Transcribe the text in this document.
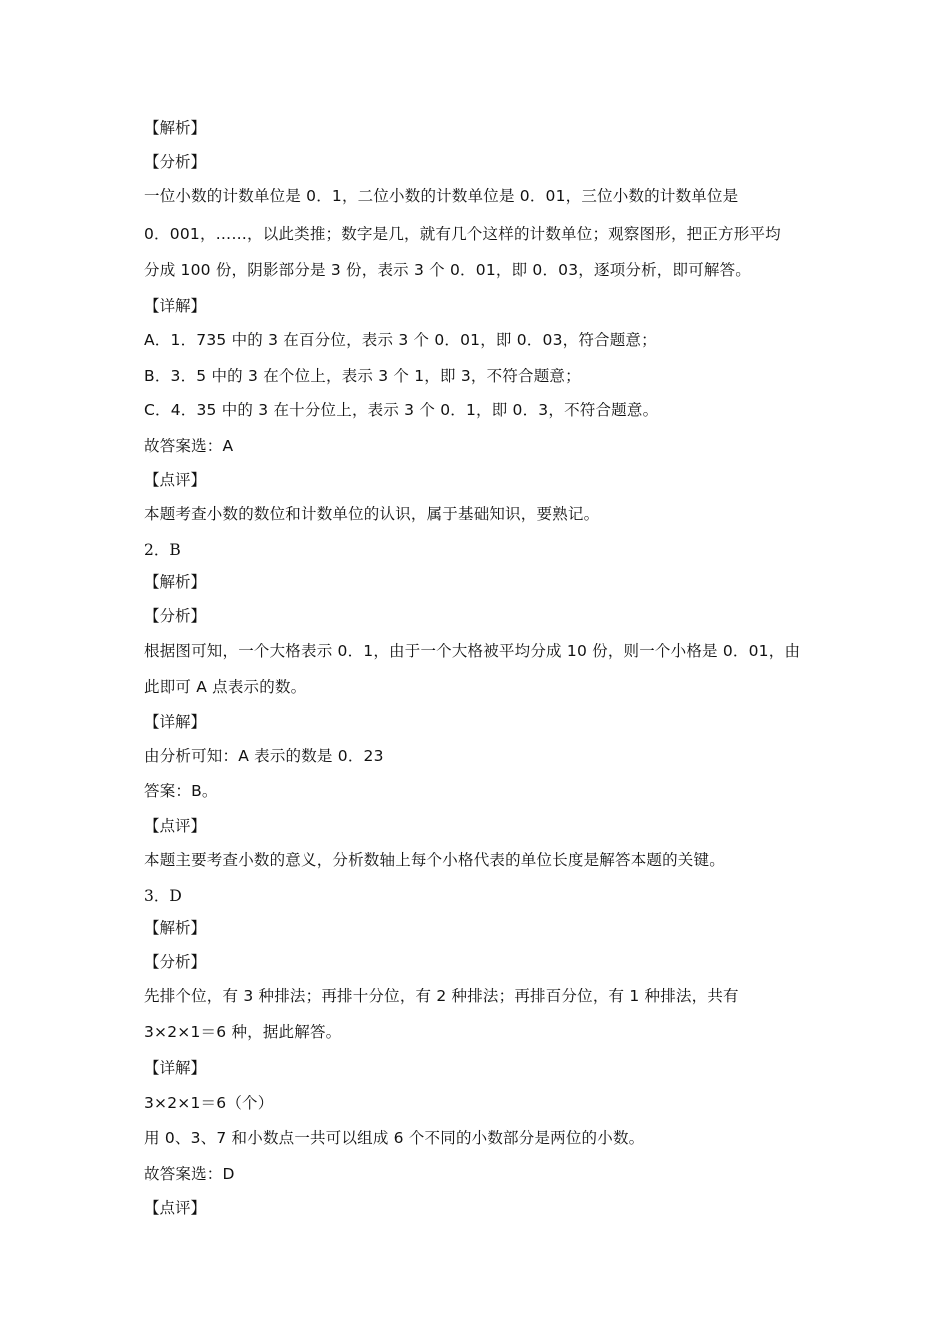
【解析】
【分析】
一位小数的计数单位是 0．1，二位小数的计数单位是 0．01，三位小数的计数单位是
0．001，……，以此类推；数字是几，就有几个这样的计数单位；观察图形，把正方形平均
分成 100 份，阴影部分是 3 份，表示 3 个 0．01，即 0．03，逐项分析，即可解答。
【详解】
A．1．735 中的 3 在百分位，表示 3 个 0．01，即 0．03，符合题意；
B．3．5 中的 3 在个位上，表示 3 个 1，即 3，不符合题意；
C．4．35 中的 3 在十分位上，表示 3 个 0．1，即 0．3，不符合题意。
故答案选：A
【点评】
本题考查小数的数位和计数单位的认识，属于基础知识，要熟记。
2．B
【解析】
【分析】
根据图可知，一个大格表示 0．1，由于一个大格被平均分成 10 份，则一个小格是 0．01，由
此即可 A 点表示的数。
【详解】
由分析可知：A 表示的数是 0．23
答案：B。
【点评】
本题主要考查小数的意义，分析数轴上每个小格代表的单位长度是解答本题的关键。
3．D
【解析】
【分析】
先排个位，有 3 种排法；再排十分位，有 2 种排法；再排百分位，有 1 种排法，共有
3×2×1＝6 种，据此解答。
【详解】
3×2×1＝6（个）
用 0、3、7 和小数点一共可以组成 6 个不同的小数部分是两位的小数。
故答案选：D
【点评】
